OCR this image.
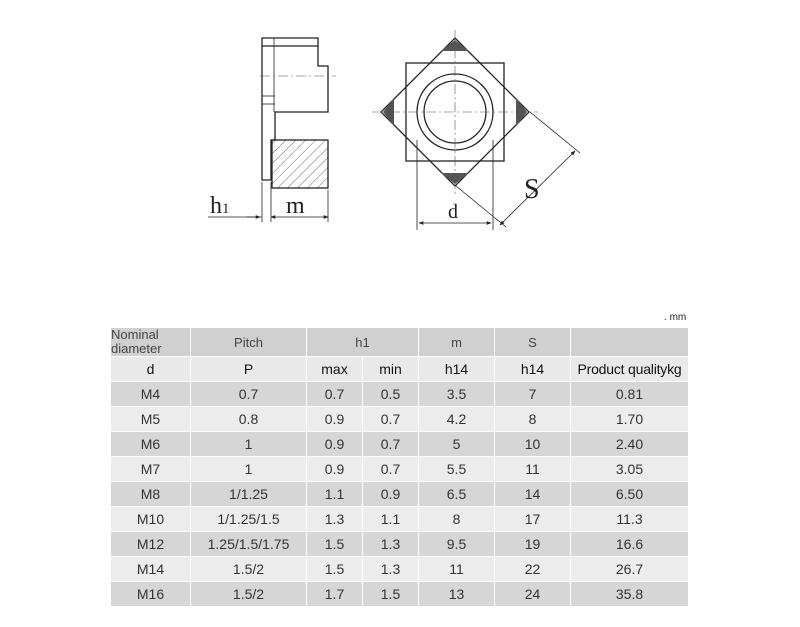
h1 m	d
S
. mm
Nominal
diameter	Pitch	h1		m	S	
d	P	max	min	h14	h14	Product qualitykg
M4	0.7	0.7	0.5	3.5	7	0.81
M5	0.8	0.9	0.7	4.2	8	1.70
M6	1	0.9	0.7	5	10	2.40
M7	1	0.9	0.7	5.5	11	3.05
M8	1/1.25	1.1	0.9	6.5	14	6.50
M10	1/1.25/1.5	1.3	1.1	8	17	11.3
M12	1.25/1.5/1.75	1.5	1.3	9.5	19	16.6
M14	1.5/2	1.5	1.3	11	22	26.7
M16	1.5/2	1.7	1.5	13	24	35.8
